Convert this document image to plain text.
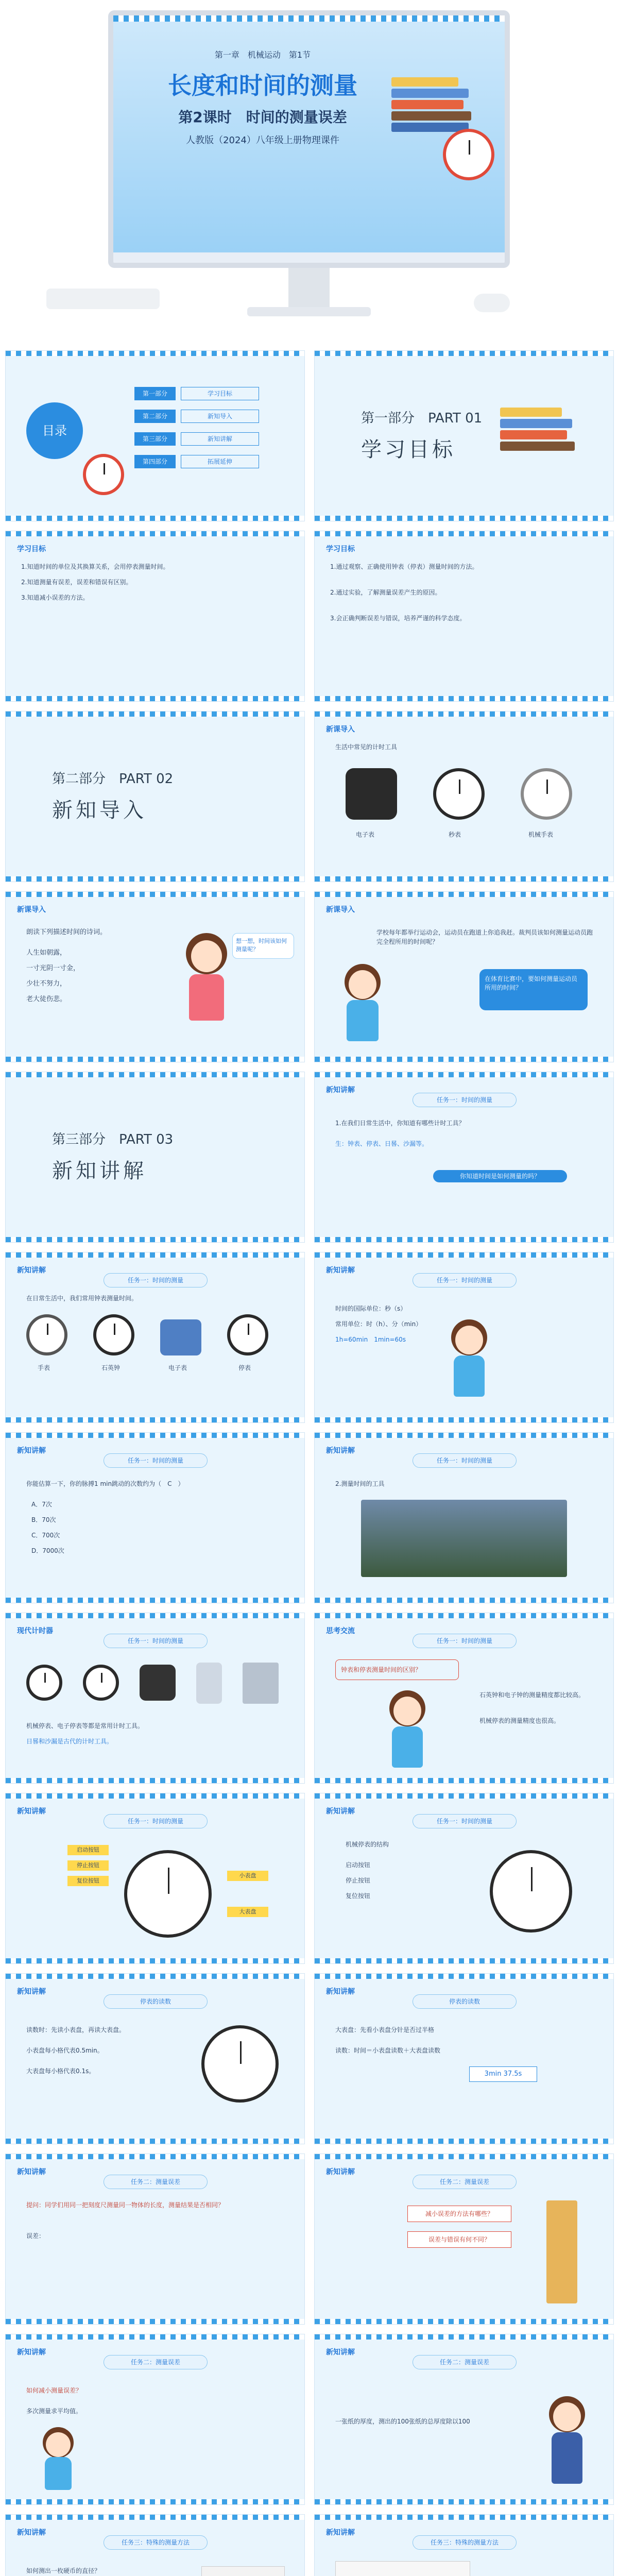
第一章　机械运动　第1节
长度和时间的测量
第2课时　时间的测量误差
人教版（2024）八年级上册物理课件
目录
第一部分	学习目标
第二部分	新知导入
第三部分	新知讲解
第四部分	拓展延伸
第一部分　PART 01
学习目标
学习目标
1.知道时间的单位及其换算关系，会用停表测量时间。
2.知道测量有误差，误差和错误有区别。
3.知道减小误差的方法。
学习目标
1.通过观察、正确使用钟表（停表）测量时间的方法。
2.通过实验，了解测量误差产生的原因。
3.会正确判断误差与错误，培养严谨的科学态度。
第二部分　PART 02
新知导入
新课导入
生活中常见的计时工具
电子表	秒表	机械手表
新课导入
朗读下列描述时间的诗词。
人生如朝露，
一寸光阴一寸金，
少壮不努力，
老大徒伤悲。
想一想，时间该如何测量呢？
新课导入
学校每年都举行运动会，运动员在跑道上你追我赶。裁判员该如何测量运动员跑完全程所用的时间呢？
在体育比赛中，要如何测量运动员所用的时间？
第三部分　PART 03
新知讲解
新知讲解
任务一：时间的测量
1.在我们日常生活中，你知道有哪些计时工具？
生：钟表、停表、日晷、沙漏等。
你知道时间是如何测量的吗？
新知讲解
任务一：时间的测量
在日常生活中，我们常用钟表测量时间。
手表	石英钟	电子表	停表
新知讲解
任务一：时间的测量
时间的国际单位：秒（s）
常用单位：时（h）、分（min）
1h=60min　1min=60s
新知讲解
任务一：时间的测量
你能估算一下，你的脉搏1 min跳动的次数约为（　C　）
A．7次
B．70次
C．700次
D．7000次
新知讲解
任务一：时间的测量
2.测量时间的工具
现代计时器
任务一：时间的测量
机械停表、电子停表等都是常用计时工具。
日晷和沙漏是古代的计时工具。
思考交流
任务一：时间的测量
钟表和停表测量时间的区别？
石英钟和电子钟的测量精度都比较高。
机械停表的测量精度也很高。
新知讲解
任务一：时间的测量
启动按钮
停止按钮
复位按钮
小表盘
大表盘
新知讲解
任务一：时间的测量
机械停表的结构
启动按钮
停止按钮
复位按钮
新知讲解
停表的读数
读数时：先读小表盘，再读大表盘。
小表盘每小格代表0.5min。
大表盘每小格代表0.1s。
新知讲解
停表的读数
大表盘：先看小表盘分针是否过半格
读数：时间＝小表盘读数＋大表盘读数
3min 37.5s
新知讲解
任务二：测量误差
提问：同学们用同一把刻度尺测量同一物体的长度，测量结果是否相同？
误差：
新知讲解
任务二：测量误差
减小误差的方法有哪些？
误差与错误有何不同？
新知讲解
任务二：测量误差
如何减小测量误差？
多次测量求平均值。
新知讲解
任务二：测量误差
一张纸的厚度，测出的100张纸的总厚度除以100
新知讲解
任务三：特殊的测量方法
如何测出一枚硬币的直径？
新知讲解
任务三：特殊的测量方法
